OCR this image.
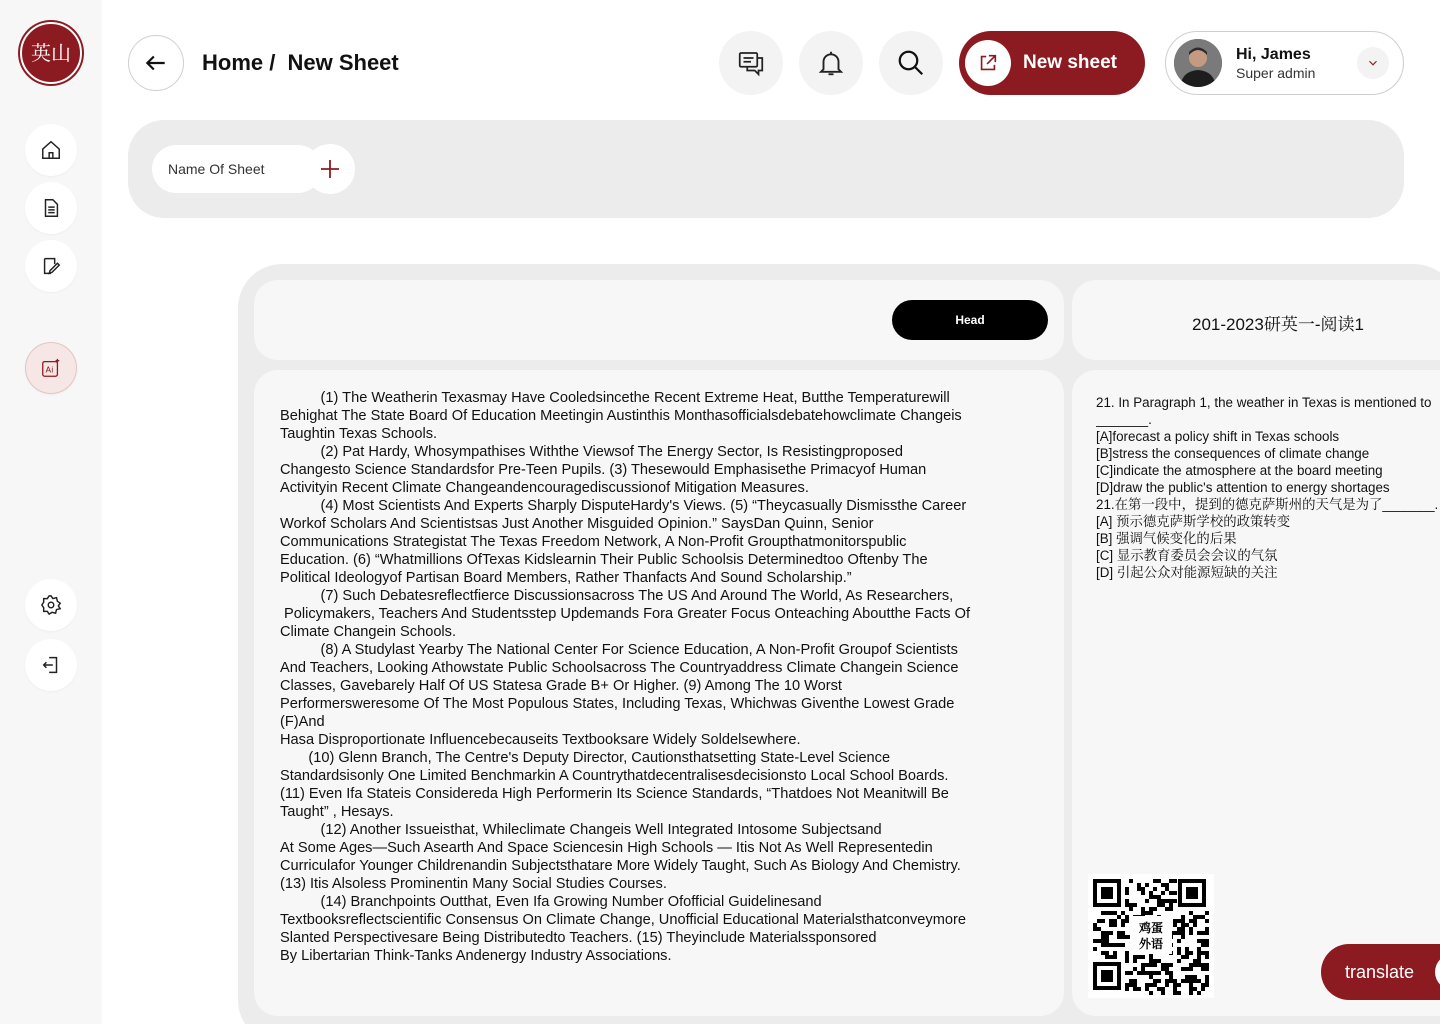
英山
Ai
Home / New Sheet	New sheet	Hi, James
Super admin
Name Of Sheet
Head	201-2023研英一-阅读1

(1) The Weatherin Texasmay Have Cooledsincethe Recent Extreme Heat, Butthe Temperaturewill

Behighat The State Board Of Education Meetingin Austinthis Monthasofficialsdebatehowclimate Changeis

Taughtin Texas Schools.

(2) Pat Hardy, Whosympathises Withthe Viewsof The Energy Sector, Is Resistingproposed

Changesto Science Standardsfor Pre-Teen Pupils. (3) Thesewould Emphasisethe Primacyof Human

Activityin Recent Climate Changeandencouragediscussionof Mitigation Measures.

(4) Most Scientists And Experts Sharply DisputeHardy's Views. (5) “Theycasually Dismissthe Career

Workof Scholars And Scientistsas Just Another Misguided Opinion.” SaysDan Quinn, Senior

Communications Strategistat The Texas Freedom Network, A Non-Profit Groupthatmonitorspublic

Education. (6) “Whatmillions OfTexas Kidslearnin Their Public Schoolsis Determinedtoo Oftenby The

Political Ideologyof Partisan Board Members, Rather Thanfacts And Sound Scholarship.”

(7) Such Debatesreflectfierce Discussionsacross The US And Around The World, As Researchers,

Policymakers, Teachers And Studentsstep Updemands Fora Greater Focus Onteaching Aboutthe Facts Of

Climate Changein Schools.

(8) A Studylast Yearby The National Center For Science Education, A Non-Profit Groupof Scientists

And Teachers, Looking Athowstate Public Schoolsacross The Countryaddress Climate Changein Science

Classes, Gavebarely Half Of US Statesa Grade B+ Or Higher. (9) Among The 10 Worst

Performersweresome Of The Most Populous States, Including Texas, Whichwas Giventhe Lowest Grade

(F)And

Hasa Disproportionate Influencebecauseits Textbooksare Widely Soldelsewhere.

(10) Glenn Branch, The Centre's Deputy Director, Cautionsthatsetting State-Level Science

Standardsisonly One Limited Benchmarkin A Countrythatdecentralisesdecisionsto Local School Boards.

(11) Even Ifa Stateis Considereda High Performerin Its Science Standards, “Thatdoes Not Meanitwill Be

Taught” , Hesays.

(12) Another Issueisthat, Whileclimate Changeis Well Integrated Intosome Subjectsand

At Some Ages—Such Asearth And Space Sciencesin High Schools — Itis Not As Well Representedin

Curriculafor Younger Childrenandin Subjectsthatare More Widely Taught, Such As Biology And Chemistry.

(13) Itis Alsoless Prominentin Many Social Studies Courses.

(14) Branchpoints Outthat, Even Ifa Growing Number Ofofficial Guidelinesand

Textbooksreflectscientific Consensus On Climate Change, Unofficial Educational Materialsthatconveymore

Slanted Perspectivesare Being Distributedto Teachers. (15) Theyinclude Materialssponsored

By Libertarian Think-Tanks Andenergy Industry Associations.

21. In Paragraph 1, the weather in Texas is mentioned to

_______.

[A]forecast a policy shift in Texas schools

[B]stress the consequences of climate change

[C]indicate the atmosphere at the board meeting

[D]draw the public's attention to energy shortages

21.在第一段中，提到的德克萨斯州的天气是为了_______.

[A] 预示德克萨斯学校的政策转变

[B] 强调气候变化的后果

[C] 显示教育委员会会议的气氛

[D] 引起公众对能源短缺的关注

鸡蛋
外语
translate
